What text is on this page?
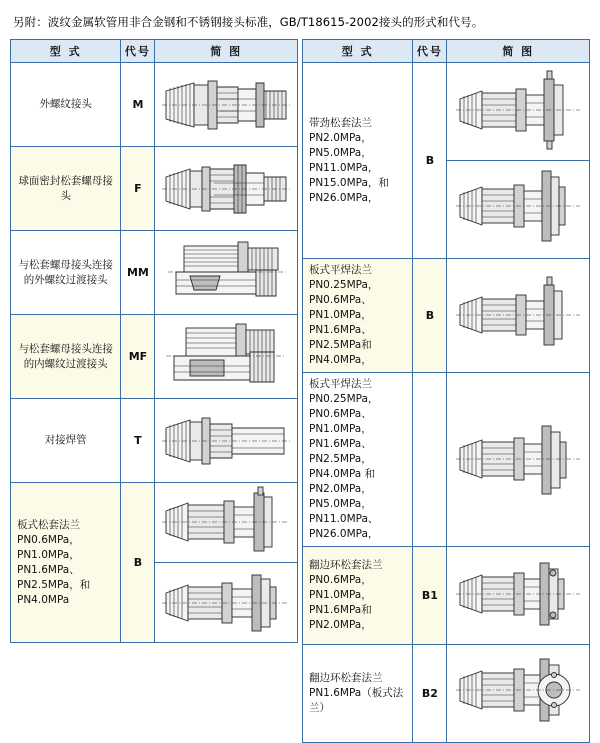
另附：波纹金属软管用非合金钢和不锈钢接头标准，GB/T18615-2002接头的形式和代号。
型 式	代号	简 图

外螺纹接头	M	

球面密封松套螺母接头	F	

与松套螺母接头连接的外螺纹过渡接头	MM	

与松套螺母接头连接的内螺纹过渡接头	MF	

对接焊管	T	

板式松套法兰
PN0.6MPa，PN1.0MPa，PN1.6MPa、PN2.5MPa，和PN4.0MPa	B	
型 式	代号	简 图

带劲松套法兰
PN2.0MPa，PN5.0MPa，PN11.0MPa，PN15.0MPa，和PN26.0MPa，	B	

板式平焊法兰
PN0.25MPa，PN0.6MPa、PN1.0MPa，PN1.6MPa、PN2.5MPa和PN4.0MPa，	B	

板式平焊法兰
PN0.25MPa，PN0.6MPa、PN1.0MPa，PN1.6MPa、PN2.5MPa，PN4.0MPa 和PN2.0MPa，PN5.0MPa，PN11.0MPa、PN26.0MPa，

翻边环松套法兰
PN0.6MPa，PN1.0MPa，PN1.6MPa和PN2.0MPa，	B1	

翻边环松套法兰
PN1.6MPa（板式法兰）	B2	
